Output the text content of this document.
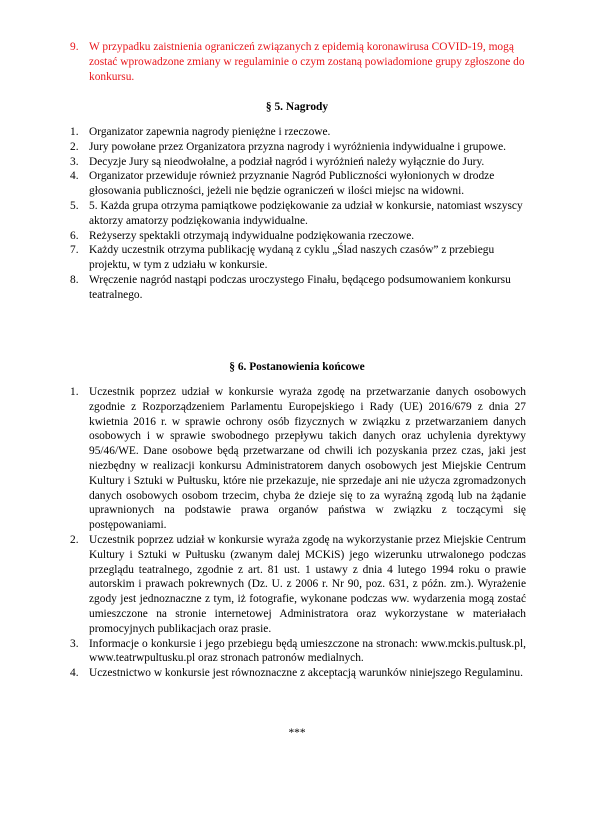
9. W przypadku zaistnienia ograniczeń związanych z epidemią koronawirusa COVID-19, mogą zostać wprowadzone zmiany w regulaminie o czym zostaną powiadomione grupy zgłoszone do konkursu.
§ 5. Nagrody
1. Organizator zapewnia nagrody pieniężne i rzeczowe.
2. Jury powołane przez Organizatora przyzna nagrody i wyróżnienia indywidualne i grupowe.
3. Decyzje Jury są nieodwołalne, a podział nagród i wyróżnień należy wyłącznie do Jury.
4. Organizator przewiduje również przyznanie Nagród Publiczności wyłonionych w drodze głosowania publiczności, jeżeli nie będzie ograniczeń w ilości miejsc na widowni.
5. 5. Każda grupa otrzyma pamiątkowe podziękowanie za udział w konkursie, natomiast wszyscy aktorzy amatorzy podziękowania indywidualne.
6. Reżyserzy spektakli otrzymają indywidualne podziękowania rzeczowe.
7. Każdy uczestnik otrzyma publikację wydaną z cyklu „Ślad naszych czasów” z przebiegu projektu, w tym z udziału w konkursie.
8. Wręczenie nagród nastąpi podczas uroczystego Finału, będącego podsumowaniem konkursu teatralnego.
§ 6. Postanowienia końcowe
1. Uczestnik poprzez udział w konkursie wyraża zgodę na przetwarzanie danych osobowych zgodnie z Rozporządzeniem Parlamentu Europejskiego i Rady (UE) 2016/679 z dnia 27 kwietnia 2016 r. w sprawie ochrony osób fizycznych w związku z przetwarzaniem danych osobowych i w sprawie swobodnego przepływu takich danych oraz uchylenia dyrektywy 95/46/WE. Dane osobowe będą przetwarzane od chwili ich pozyskania przez czas, jaki jest niezbędny w realizacji konkursu Administratorem danych osobowych jest Miejskie Centrum Kultury i Sztuki w Pułtusku, które nie przekazuje, nie sprzedaje ani nie użycza zgromadzonych danych osobowych osobom trzecim, chyba że dzieje się to za wyraźną zgodą lub na żądanie uprawnionych na podstawie prawa organów państwa w związku z toczącymi się postępowaniami.
2. Uczestnik poprzez udział w konkursie wyraża zgodę na wykorzystanie przez Miejskie Centrum Kultury i Sztuki w Pułtusku (zwanym dalej MCKiS) jego wizerunku utrwalonego podczas przeglądu teatralnego, zgodnie z art. 81 ust. 1 ustawy z dnia 4 lutego 1994 roku o prawie autorskim i prawach pokrewnych (Dz. U. z 2006 r. Nr 90, poz. 631, z późn. zm.). Wyrażenie zgody jest jednoznaczne z tym, iż fotografie, wykonane podczas ww. wydarzenia mogą zostać umieszczone na stronie internetowej Administratora oraz wykorzystane w materiałach promocyjnych publikacjach oraz prasie.
3. Informacje o konkursie i jego przebiegu będą umieszczone na stronach: www.mckis.pultusk.pl, www.teatrwpultusku.pl oraz stronach patronów medialnych.
4. Uczestnictwo w konkursie jest równoznaczne z akceptacją warunków niniejszego Regulaminu.
***
